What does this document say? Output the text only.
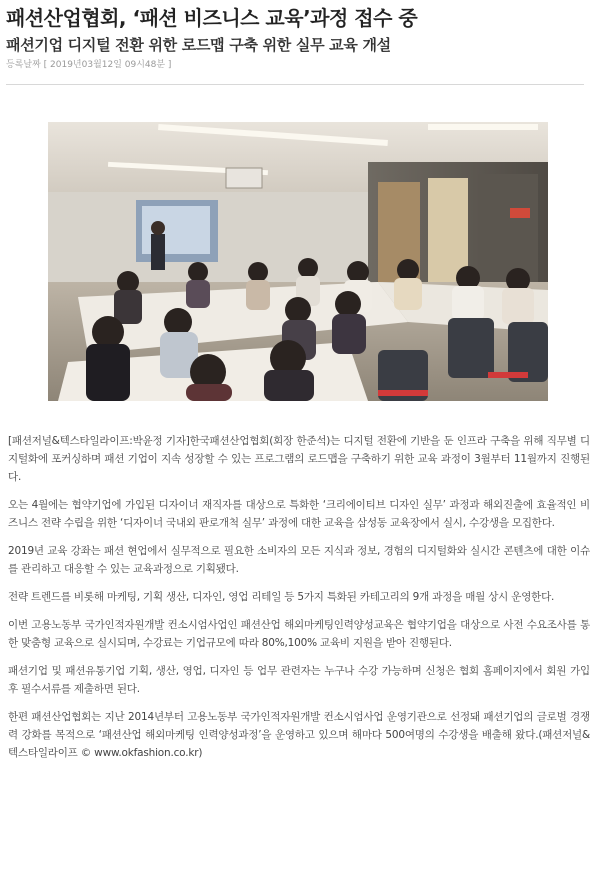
패션산업협회, ‘패션 비즈니스 교육’과정 접수 중
패션기업 디지털 전환 위한 로드맵 구축 위한 실무 교육 개설
등록날짜 [ 2019년03월12일 09시48분 ]

[패션저널&텍스타일라이프:박윤정 기자]한국패션산업협회(회장 한준석)는 디지털 전환에 기반을 둔 인프라 구축을 위해 직무별 디지털화에 포커싱하며 패션 기업이 지속 성장할 수 있는 프로그램의 로드맵을 구축하기 위한 교육 과정이 3월부터 11월까지 진행된다.

오는 4월에는 협약기업에 가입된 디자이너 재직자를 대상으로 특화한 ‘크리에이티브 디자인 실무’ 과정과 해외진출에 효율적인 비즈니스 전략 수립을 위한 ‘디자이너 국내외 판로개척 실무’ 과정에 대한 교육을 삼성동 교육장에서 실시, 수강생을 모집한다.

2019년 교육 강좌는 패션 현업에서 실무적으로 필요한 소비자의 모든 지식과 정보, 경험의 디지털화와 실시간 콘텐츠에 대한 이슈를 관리하고 대응할 수 있는 교육과정으로 기획됐다.

전략 트렌드를 비롯해 마케팅, 기획 생산, 디자인, 영업 리테일 등 5가지 특화된 카테고리의 9개 과정을 매월 상시 운영한다.

이번 고용노동부 국가인적자원개발 컨소시엄사업인 패션산업 해외마케팅인력양성교육은 협약기업을 대상으로 사전 수요조사를 통한 맞춤형 교육으로 실시되며, 수강료는 기업규모에 따라 80%,100% 교육비 지원을 받아 진행된다.

패션기업 및 패션유통기업 기획, 생산, 영업, 디자인 등 업무 관련자는 누구나 수강 가능하며 신청은 협회 홈페이지에서 회원 가입 후 필수서류를 제출하면 된다.

한편 패션산업협회는 지난 2014년부터 고용노동부 국가인적자원개발 컨소시엄사업 운영기관으로 선정돼 패션기업의 글로벌 경쟁력 강화를 목적으로 ‘패션산업 해외마케팅 인력양성과정’을 운영하고 있으며 해마다 500여명의 수강생을 배출해 왔다.(패션저널&텍스타일라이프 © www.okfashion.co.kr)
